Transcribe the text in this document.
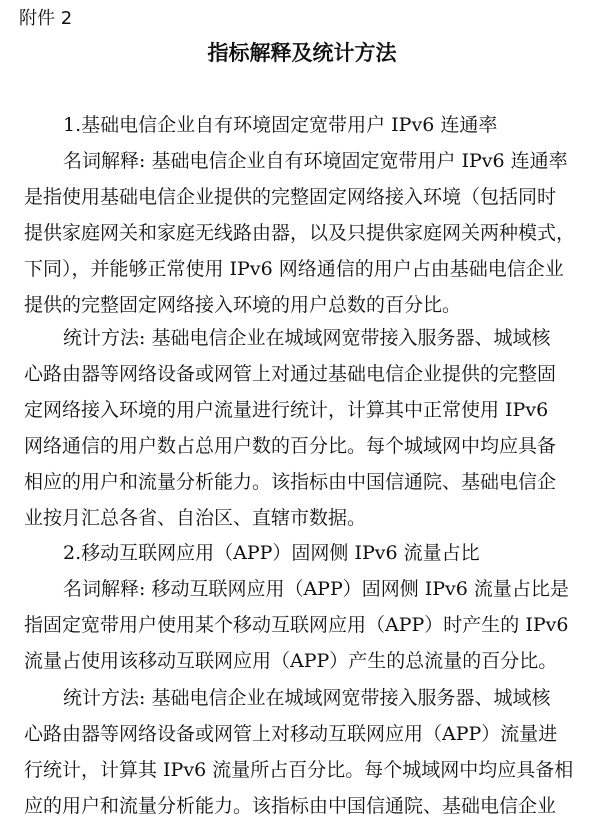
附件 2
指标解释及统计方法
1.基础电信企业自有环境固定宽带用户 IPv6 连通率
名词解释: 基础电信企业自有环境固定宽带用户 IPv6 连通率
是指使用基础电信企业提供的完整固定网络接入环境（包括同时
提供家庭网关和家庭无线路由器，以及只提供家庭网关两种模式，
下同），并能够正常使用 IPv6 网络通信的用户占由基础电信企业
提供的完整固定网络接入环境的用户总数的百分比。
统计方法: 基础电信企业在城域网宽带接入服务器、城域核
心路由器等网络设备或网管上对通过基础电信企业提供的完整固
定网络接入环境的用户流量进行统计，计算其中正常使用 IPv6
网络通信的用户数占总用户数的百分比。每个城域网中均应具备
相应的用户和流量分析能力。该指标由中国信通院、基础电信企
业按月汇总各省、自治区、直辖市数据。
2.移动互联网应用（APP）固网侧 IPv6 流量占比
名词解释: 移动互联网应用（APP）固网侧 IPv6 流量占比是
指固定宽带用户使用某个移动互联网应用（APP）时产生的 IPv6
流量占使用该移动互联网应用（APP）产生的总流量的百分比。
统计方法: 基础电信企业在城域网宽带接入服务器、城域核
心路由器等网络设备或网管上对移动互联网应用（APP）流量进
行统计，计算其 IPv6 流量所占百分比。每个城域网中均应具备相
应的用户和流量分析能力。该指标由中国信通院、基础电信企业
